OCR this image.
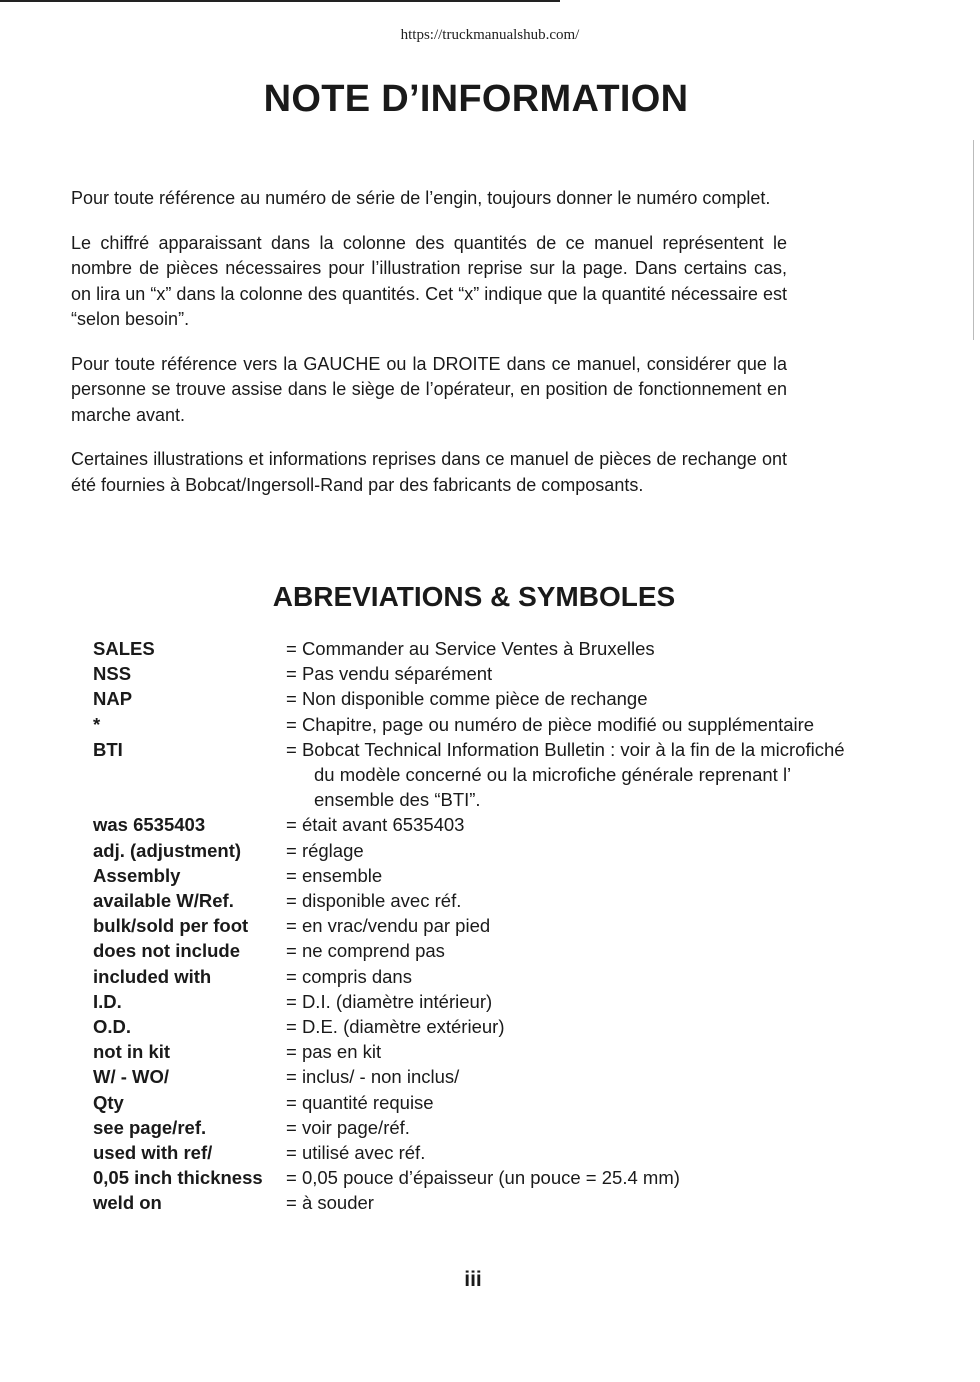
https://truckmanualshub.com/
NOTE D’INFORMATION

Pour toute référence au numéro de série de l’engin, toujours donner le numéro complet.

Le chiffré apparaissant dans la colonne des quantités de ce manuel représentent le nombre de pièces nécessaires pour l’illustration reprise sur la page. Dans certains cas, on lira un “x” dans la colonne des quantités. Cet “x” indique que la quantité nécessaire est “selon besoin”.

Pour toute référence vers la GAUCHE ou la DROITE dans ce manuel, considérer que la personne se trouve assise dans le siège de l’opérateur, en position de fonctionnement en marche avant.

Certaines illustrations et informations reprises dans ce manuel de pièces de rechange ont été fournies à Bobcat/Ingersoll-Rand par des fabricants de composants.

ABREVIATIONS & SYMBOLES
SALES	= Commander au Service Ventes à Bruxelles
NSS	= Pas vendu séparément
NAP	= Non disponible comme pièce de rechange
*	= Chapitre, page ou numéro de pièce modifié ou supplémentaire
BTI	= Bobcat Technical Information Bulletin : voir à la fin de la microfiché
du modèle concerné ou la microfiche générale reprenant l’
ensemble des “BTI”.
was 6535403	= était avant 6535403
adj. (adjustment)	= réglage
Assembly	= ensemble
available W/Ref.	= disponible avec réf.
bulk/sold per foot	= en vrac/vendu par pied
does not include	= ne comprend pas
included with	= compris dans
I.D.	= D.I. (diamètre intérieur)
O.D.	= D.E. (diamètre extérieur)
not in kit	= pas en kit
W/ - WO/	= inclus/ - non inclus/
Qty	= quantité requise
see page/ref.	= voir page/réf.
used with ref/	= utilisé avec réf.
0,05 inch thickness	= 0,05 pouce d’épaisseur (un pouce = 25.4 mm)
weld on	= à souder
iii
